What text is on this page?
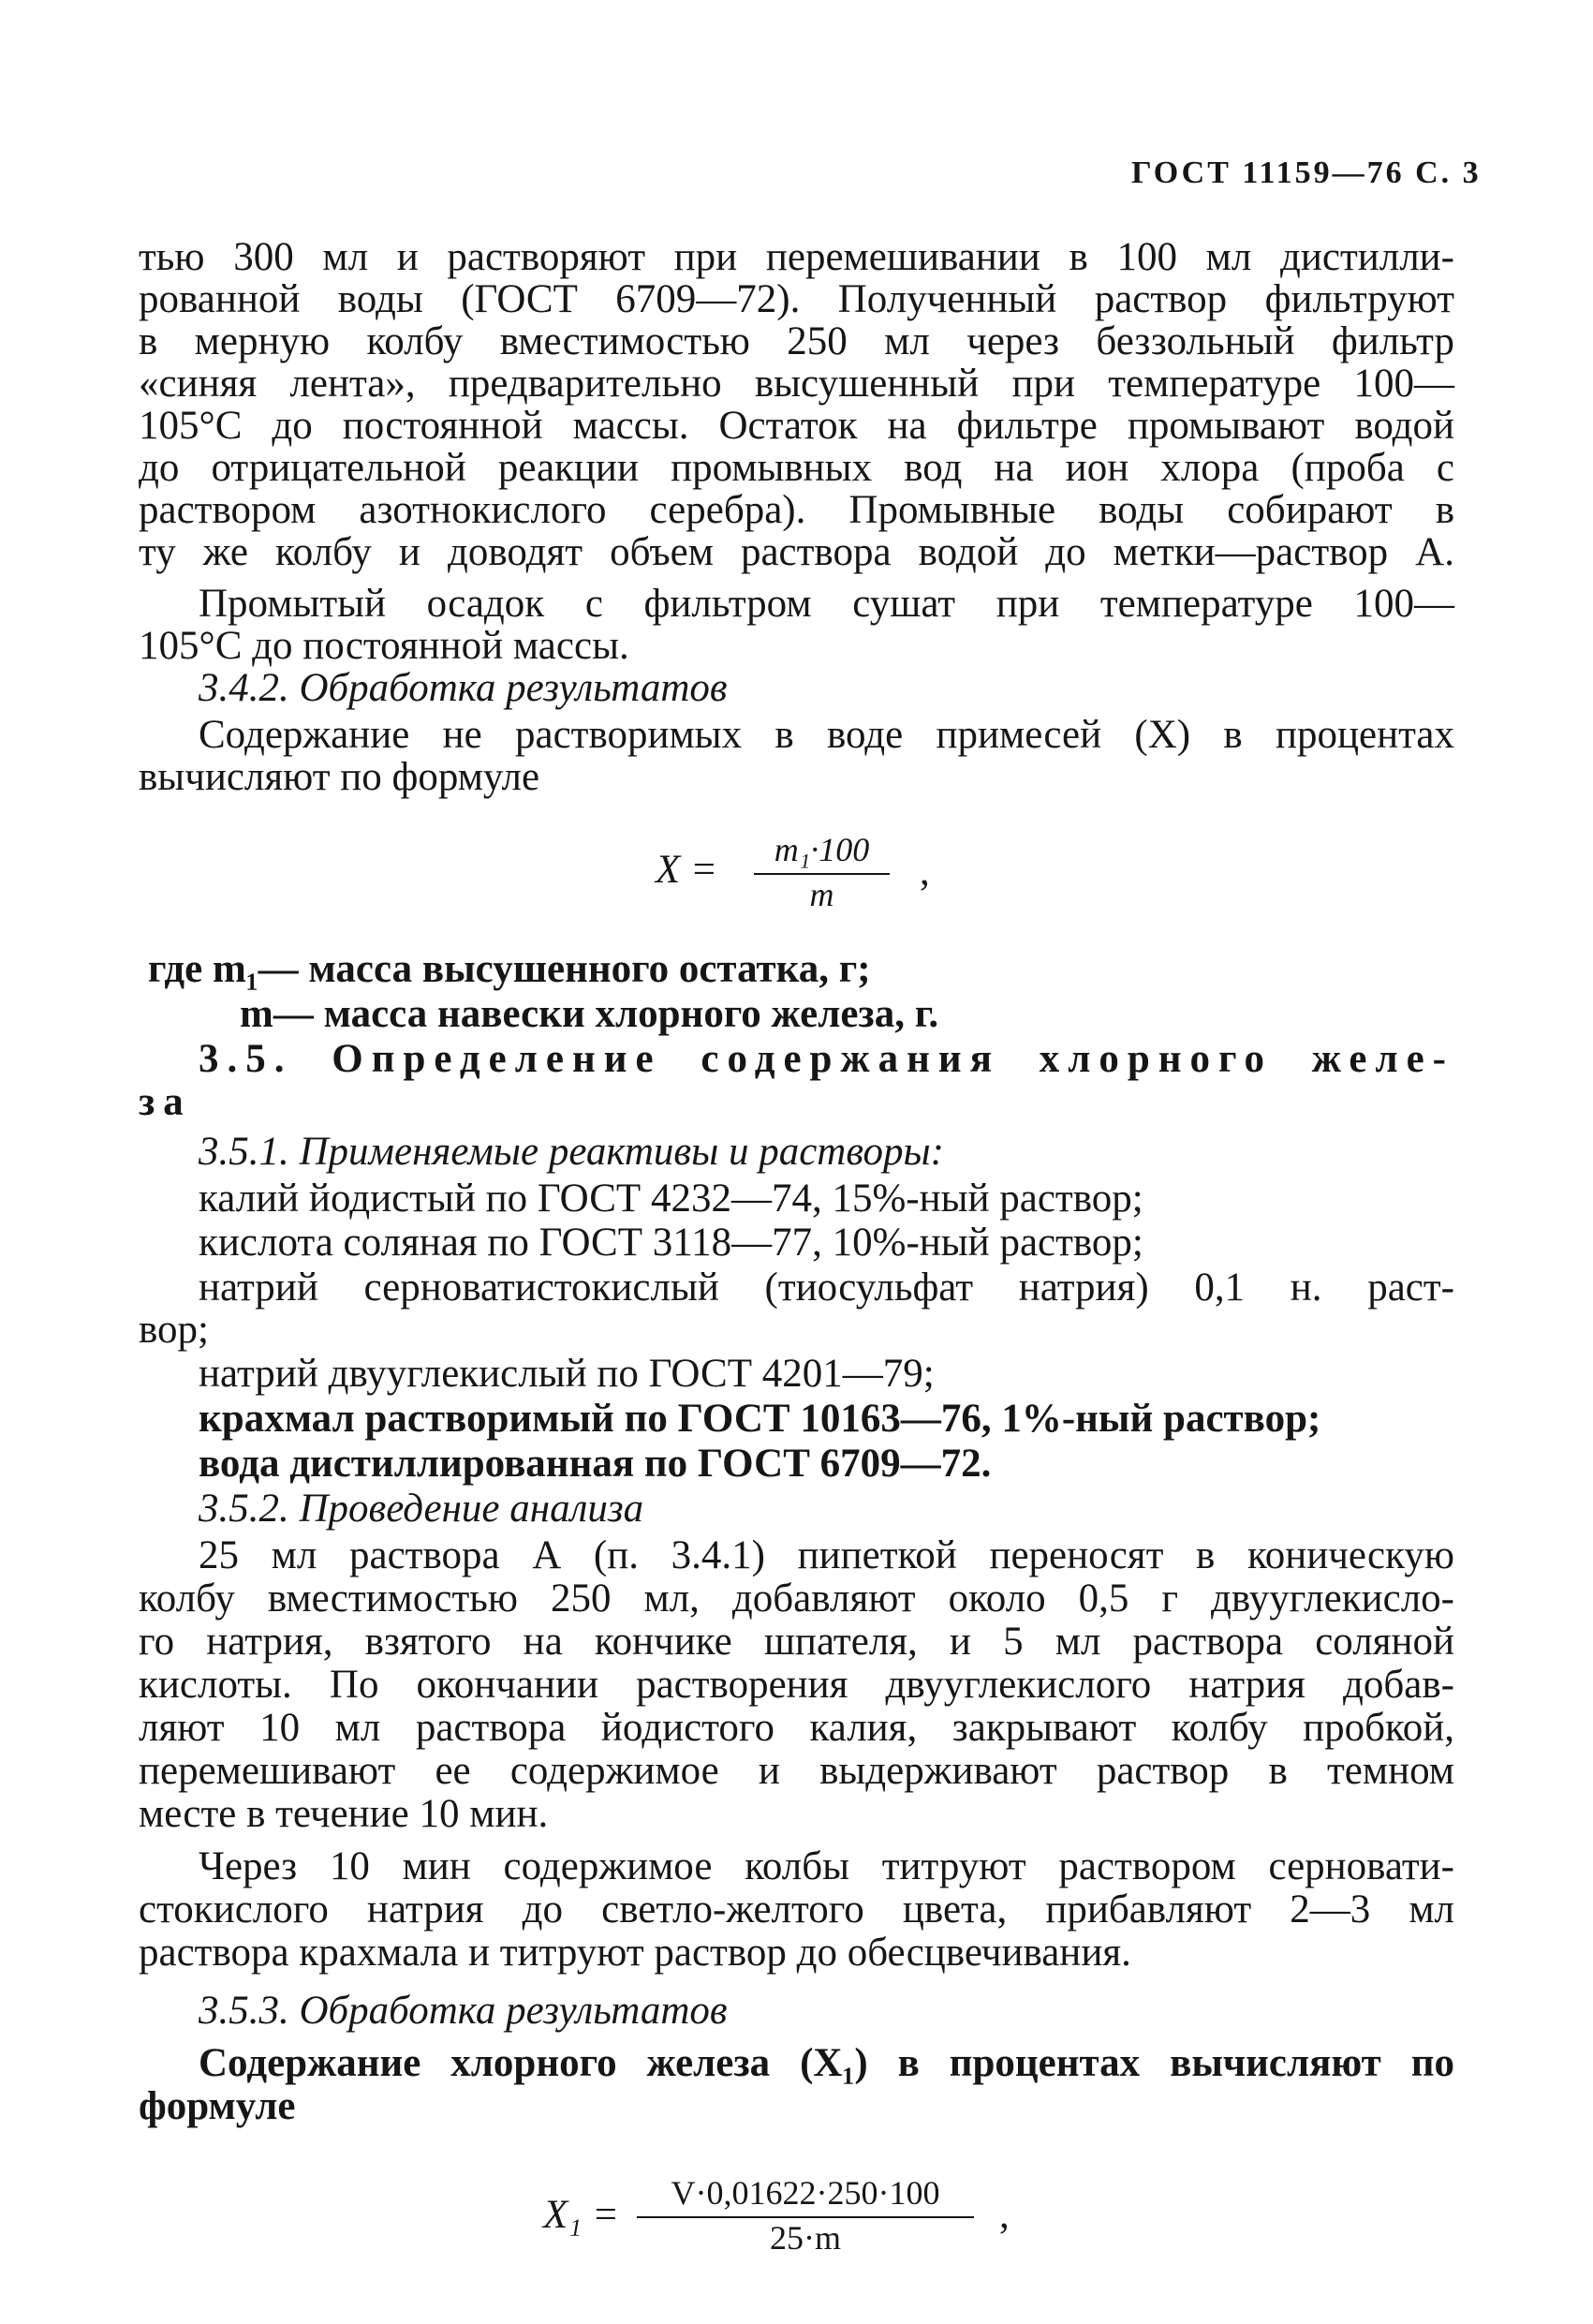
ГОСТ 11159—76 С. 3
тью 300 мл и растворяют при перемешивании в 100 мл дистилли-
рованной воды (ГОСТ 6709—72). Полученный раствор фильтруют
в мерную колбу вместимостью 250 мл через беззольный фильтр
«синяя лента», предварительно высушенный при температуре 100—
105°С до постоянной массы. Остаток на фильтре промывают водой
до отрицательной реакции промывных вод на ион хлора (проба с
раствором азотнокислого серебра). Промывные воды собирают в
ту же колбу и доводят объем раствора водой до метки—раствор А.
Промытый осадок с фильтром сушат при температуре 100—
105°С до постоянной массы.
3.4.2. Обработка результатов
Содержание не растворимых в воде примесей (X) в процентах
вычисляют по формуле
X =	m₁·100
m
,
где m₁— масса высушенного остатка, г;
m— масса навески хлорного железа, г.
3.5. Определение содержания хлорного желе-
за
3.5.1. Применяемые реактивы и растворы:
калий йодистый по ГОСТ 4232—74, 15%-ный раствор;
кислота соляная по ГОСТ 3118—77, 10%-ный раствор;
натрий серноватистокислый (тиосульфат натрия) 0,1 н. раст-
вор;
натрий двууглекислый по ГОСТ 4201—79;
крахмал растворимый по ГОСТ 10163—76, 1%-ный раствор;
вода дистиллированная по ГОСТ 6709—72.
3.5.2. Проведение анализа
25 мл раствора А (п. 3.4.1) пипеткой переносят в коническую
колбу вместимостью 250 мл, добавляют около 0,5 г двууглекисло-
го натрия, взятого на кончике шпателя, и 5 мл раствора соляной
кислоты. По окончании растворения двууглекислого натрия добав-
ляют 10 мл раствора йодистого калия, закрывают колбу пробкой,
перемешивают ее содержимое и выдерживают раствор в темном
месте в течение 10 мин.
Через 10 мин содержимое колбы титруют раствором серновати-
стокислого натрия до светло-желтого цвета, прибавляют 2—3 мл
раствора крахмала и титруют раствор до обесцвечивания.
3.5.3. Обработка результатов
Содержание хлорного железа (X₁) в процентах вычисляют по
формуле
X₁ =	V·0,01622·250·100
25·m
,
